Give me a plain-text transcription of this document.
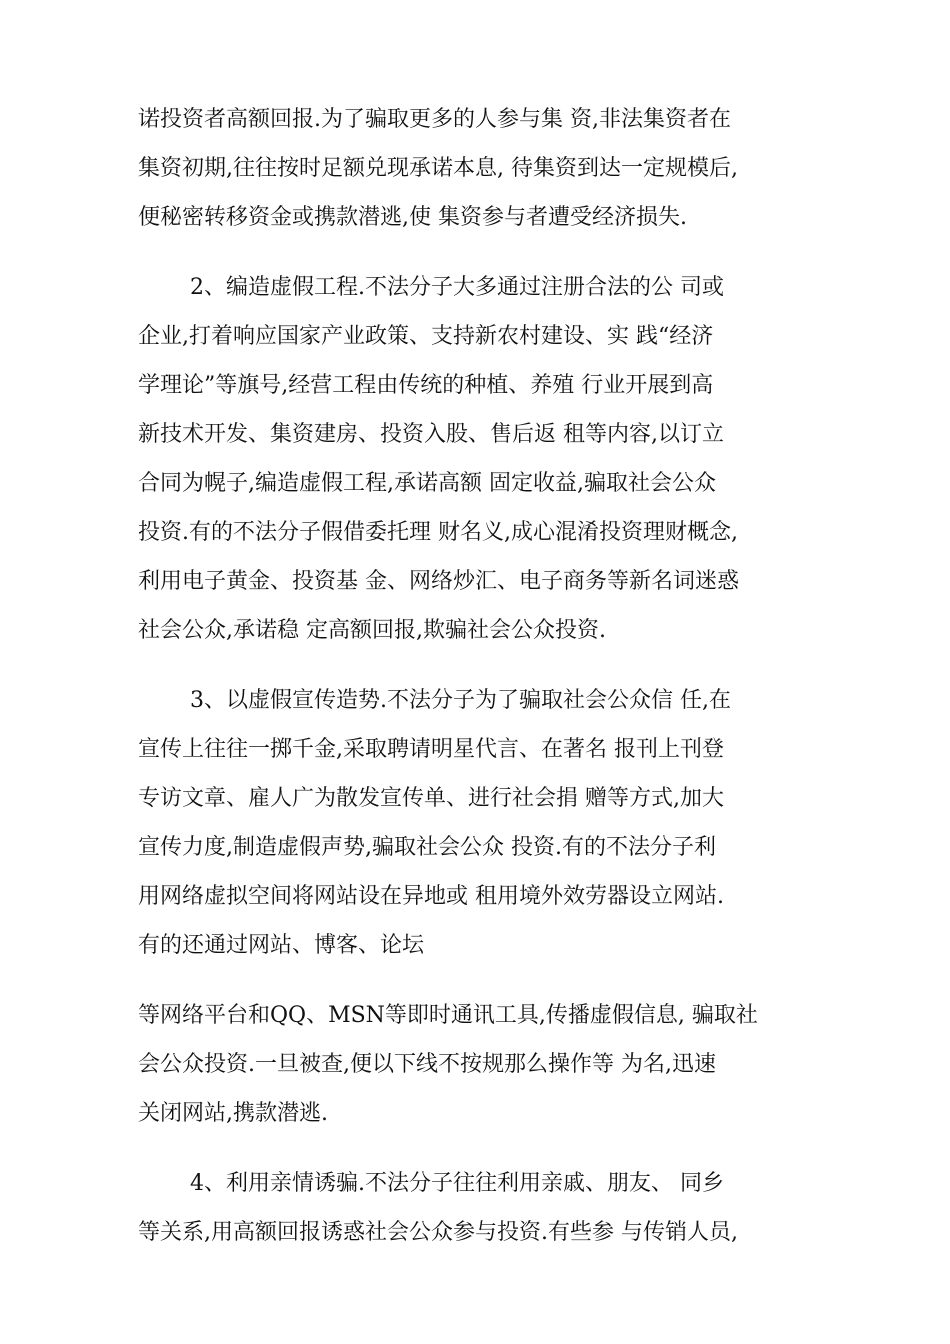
诺投资者高额回报.为了骗取更多的人参与集 资,非法集资者在
集资初期,往往按时足额兑现承诺本息, 待集资到达一定规模后,
便秘密转移资金或携款潜逃,使 集资参与者遭受经济损失.
2、编造虚假工程.不法分子大多通过注册合法的公 司或
企业,打着响应国家产业政策、支持新农村建设、实 践“经济
学理论”等旗号,经营工程由传统的种植、养殖 行业开展到高
新技术开发、集资建房、投资入股、售后返 租等内容,以订立
合同为幌子,编造虚假工程,承诺高额 固定收益,骗取社会公众
投资.有的不法分子假借委托理 财名义,成心混淆投资理财概念,
利用电子黄金、投资基 金、网络炒汇、电子商务等新名词迷惑
社会公众,承诺稳 定高额回报,欺骗社会公众投资.
3、以虚假宣传造势.不法分子为了骗取社会公众信 任,在
宣传上往往一掷千金,采取聘请明星代言、在著名 报刊上刊登
专访文章、雇人广为散发宣传单、进行社会捐 赠等方式,加大
宣传力度,制造虚假声势,骗取社会公众 投资.有的不法分子利
用网络虚拟空间将网站设在异地或 租用境外效劳器设立网站.
有的还通过网站、博客、论坛
等网络平台和QQ、MSN等即时通讯工具,传播虚假信息, 骗取社
会公众投资.一旦被查,便以下线不按规那么操作等 为名,迅速
关闭网站,携款潜逃.
4、利用亲情诱骗.不法分子往往利用亲戚、朋友、 同乡
等关系,用高额回报诱惑社会公众参与投资.有些参 与传销人员,
